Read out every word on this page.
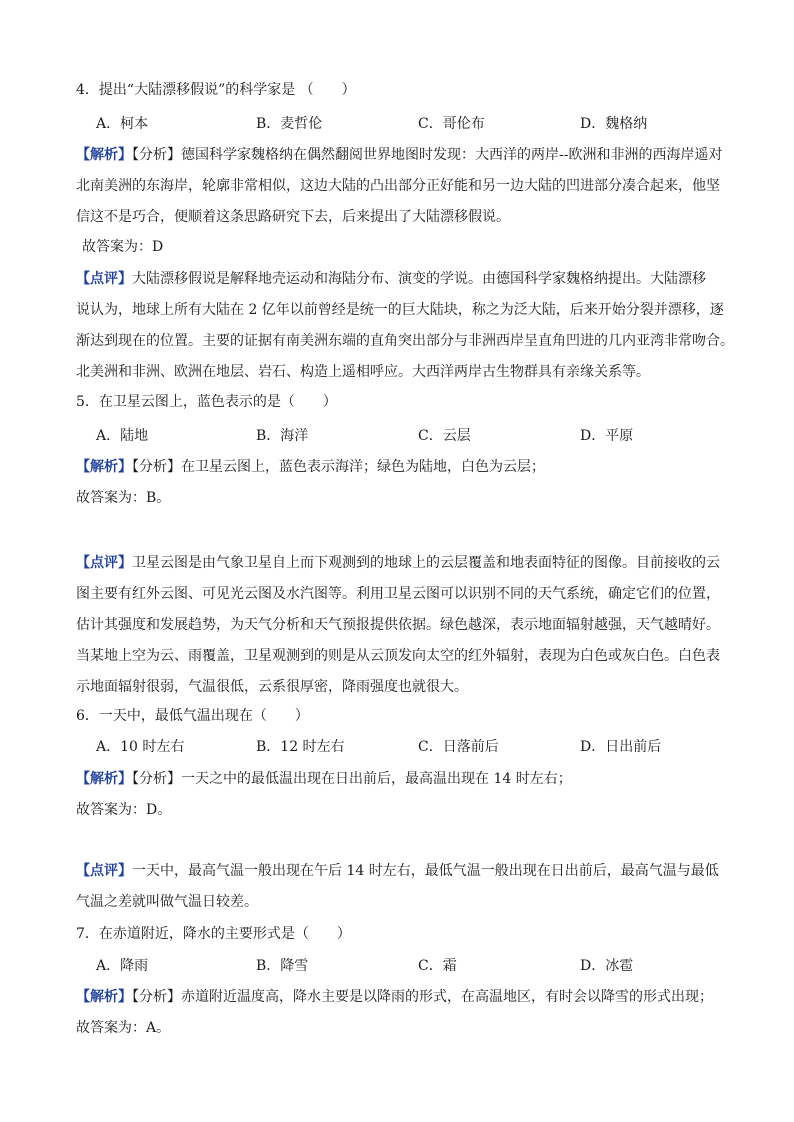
4．提出“大陆漂移假说”的科学家是 （　　）
A．柯本	B．麦哲伦	C．哥伦布	D．魏格纳
【解析】【分析】德国科学家魏格纳在偶然翻阅世界地图时发现：大西洋的两岸--欧洲和非洲的西海岸遥对
北南美洲的东海岸，轮廓非常相似，这边大陆的凸出部分正好能和另一边大陆的凹进部分凑合起来，他坚
信这不是巧合，便顺着这条思路研究下去，后来提出了大陆漂移假说。
故答案为：D
【点评】大陆漂移假说是解释地壳运动和海陆分布、演变的学说。由德国科学家魏格纳提出。大陆漂移
说认为，地球上所有大陆在 2 亿年以前曾经是统一的巨大陆块，称之为泛大陆，后来开始分裂并漂移，逐
渐达到现在的位置。主要的证据有南美洲东端的直角突出部分与非洲西岸呈直角凹进的几内亚湾非常吻合。
北美洲和非洲、欧洲在地层、岩石、构造上遥相呼应。大西洋两岸古生物群具有亲缘关系等。
5．在卫星云图上，蓝色表示的是（　　）
A．陆地	B．海洋	C．云层	D．平原
【解析】【分析】在卫星云图上，蓝色表示海洋；绿色为陆地，白色为云层；
故答案为：B。
【点评】卫星云图是由气象卫星自上而下观测到的地球上的云层覆盖和地表面特征的图像。目前接收的云
图主要有红外云图、可见光云图及水汽图等。利用卫星云图可以识别不同的天气系统，确定它们的位置，
估计其强度和发展趋势，为天气分析和天气预报提供依据。绿色越深，表示地面辐射越强，天气越晴好。
当某地上空为云、雨覆盖，卫星观测到的则是从云顶发向太空的红外辐射，表现为白色或灰白色。白色表
示地面辐射很弱，气温很低，云系很厚密，降雨强度也就很大。
6．一天中，最低气温出现在（　　）
A．10 时左右	B．12 时左右	C．日落前后	D．日出前后
【解析】【分析】一天之中的最低温出现在日出前后，最高温出现在 14 时左右；
故答案为：D。
【点评】一天中，最高气温一般出现在午后 14 时左右，最低气温一般出现在日出前后，最高气温与最低
气温之差就叫做气温日较差。
7．在赤道附近，降水的主要形式是（　　）
A．降雨	B．降雪	C．霜	D．冰雹
【解析】【分析】赤道附近温度高，降水主要是以降雨的形式，在高温地区，有时会以降雪的形式出现；
故答案为：A。
